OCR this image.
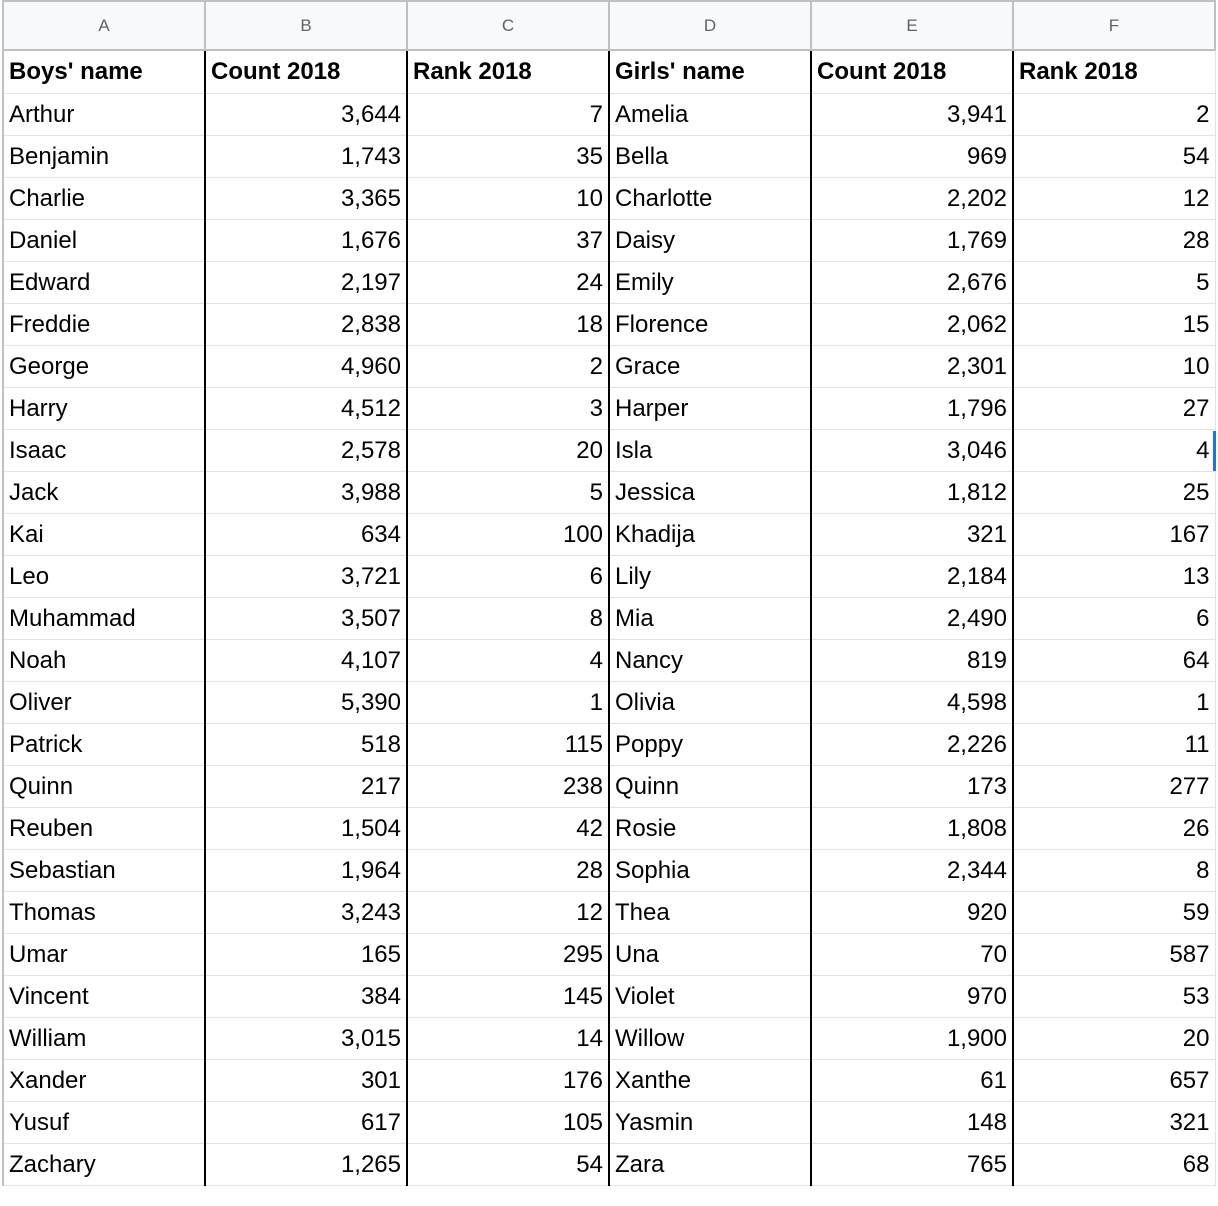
A	B	C	D	E	F
Boys' name	Count 2018	Rank 2018	Girls' name	Count 2018	Rank 2018
Arthur	3,644	7	Amelia	3,941	2
Benjamin	1,743	35	Bella	969	54
Charlie	3,365	10	Charlotte	2,202	12
Daniel	1,676	37	Daisy	1,769	28
Edward	2,197	24	Emily	2,676	5
Freddie	2,838	18	Florence	2,062	15
George	4,960	2	Grace	2,301	10
Harry	4,512	3	Harper	1,796	27
Isaac	2,578	20	Isla	3,046	4
Jack	3,988	5	Jessica	1,812	25
Kai	634	100	Khadija	321	167
Leo	3,721	6	Lily	2,184	13
Muhammad	3,507	8	Mia	2,490	6
Noah	4,107	4	Nancy	819	64
Oliver	5,390	1	Olivia	4,598	1
Patrick	518	115	Poppy	2,226	11
Quinn	217	238	Quinn	173	277
Reuben	1,504	42	Rosie	1,808	26
Sebastian	1,964	28	Sophia	2,344	8
Thomas	3,243	12	Thea	920	59
Umar	165	295	Una	70	587
Vincent	384	145	Violet	970	53
William	3,015	14	Willow	1,900	20
Xander	301	176	Xanthe	61	657
Yusuf	617	105	Yasmin	148	321
Zachary	1,265	54	Zara	765	68
